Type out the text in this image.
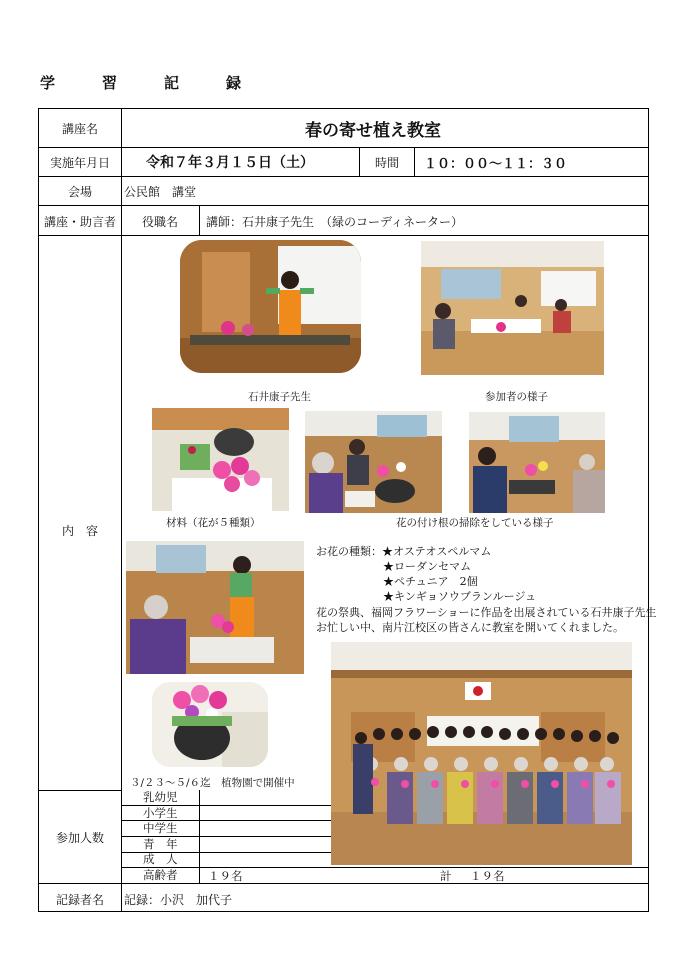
学	習	記	録
講座名	春の寄せ植え教室
実施年月日	令和７年３月１５日（土）	時間	１０：００～１１：３０
会場	公民館　講堂
講座・助言者	役職名	講師：石井康子先生　（緑のコーディネーター）
内　容
石井康子先生	参加者の様子
材料（花が５種類）	花の付け根の掃除をしている様子
３/２３～５/６迄　植物園で開催中
お花の種類：★オステオスペルマム
★ローダンセマム
★ペチュニア　2個
★キンギョソウブランルージュ
花の祭典、福岡フラワーショーに作品を出展されている石井康子先生
お忙しい中、南片江校区の皆さんに教室を開いてくれました。
参加人数
乳幼児
小学生
中学生
青　年
成　人
高齢者	１９名	計 １９名
記録者名	記録：小沢　加代子
